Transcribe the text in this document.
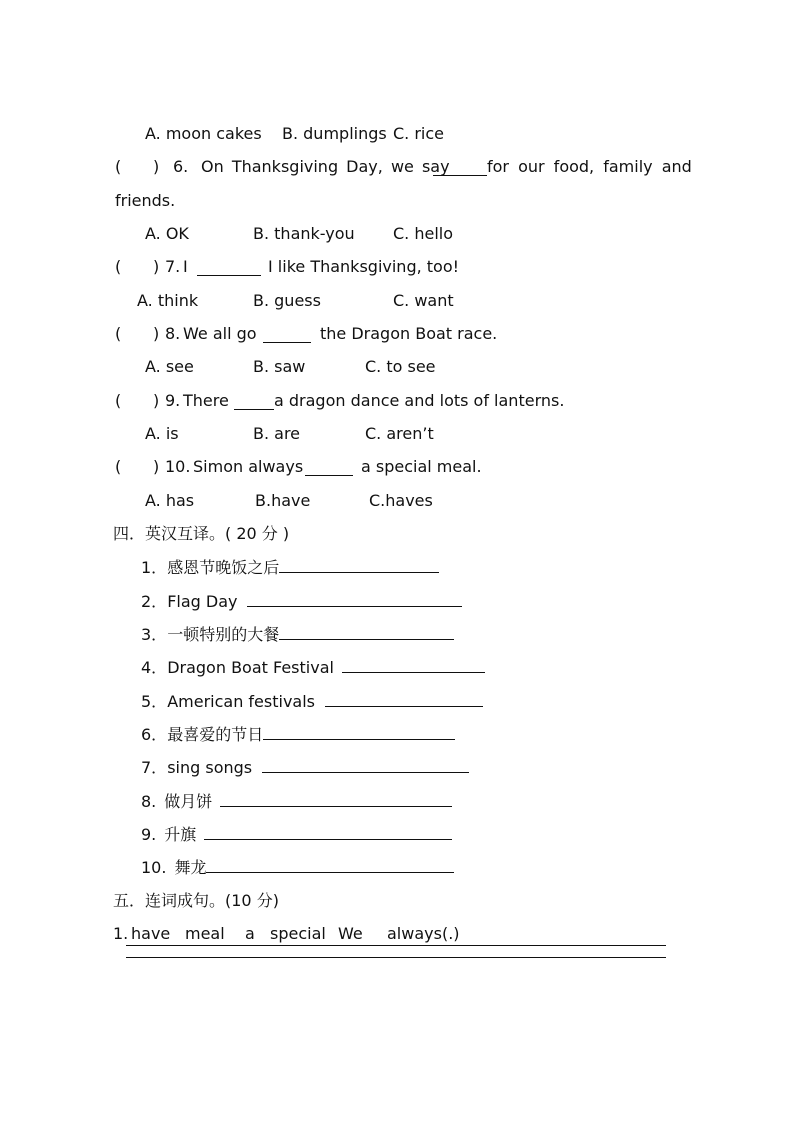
A. moon cakes B. dumplings C. rice
( ) 6. On Thanksgiving Day, we say for our food, family and
friends.
A. OK	B. thank-you C. hello
( ) 7. I	I like Thanksgiving, too!
A. think	B. guess	C. want
( ) 8. We all go	the Dragon Boat race.
A. see	B. saw	C. to see
( ) 9. There	a dragon dance and lots of lanterns.
A. is	B. are	C. aren’t
( ) 10. Simon always	a special meal.
A. has	B.have	C.haves
四．英汉互译。( 20 分 )
1．感恩节晚饭之后
2．Flag Day
3．一顿特别的大餐
4．Dragon Boat Festival
5．American festivals
6．最喜爱的节日
7．sing songs
8. 做月饼
9. 升旗
10. 舞龙
五．连词成句。(10 分)
1. have meal a special We always(.)
